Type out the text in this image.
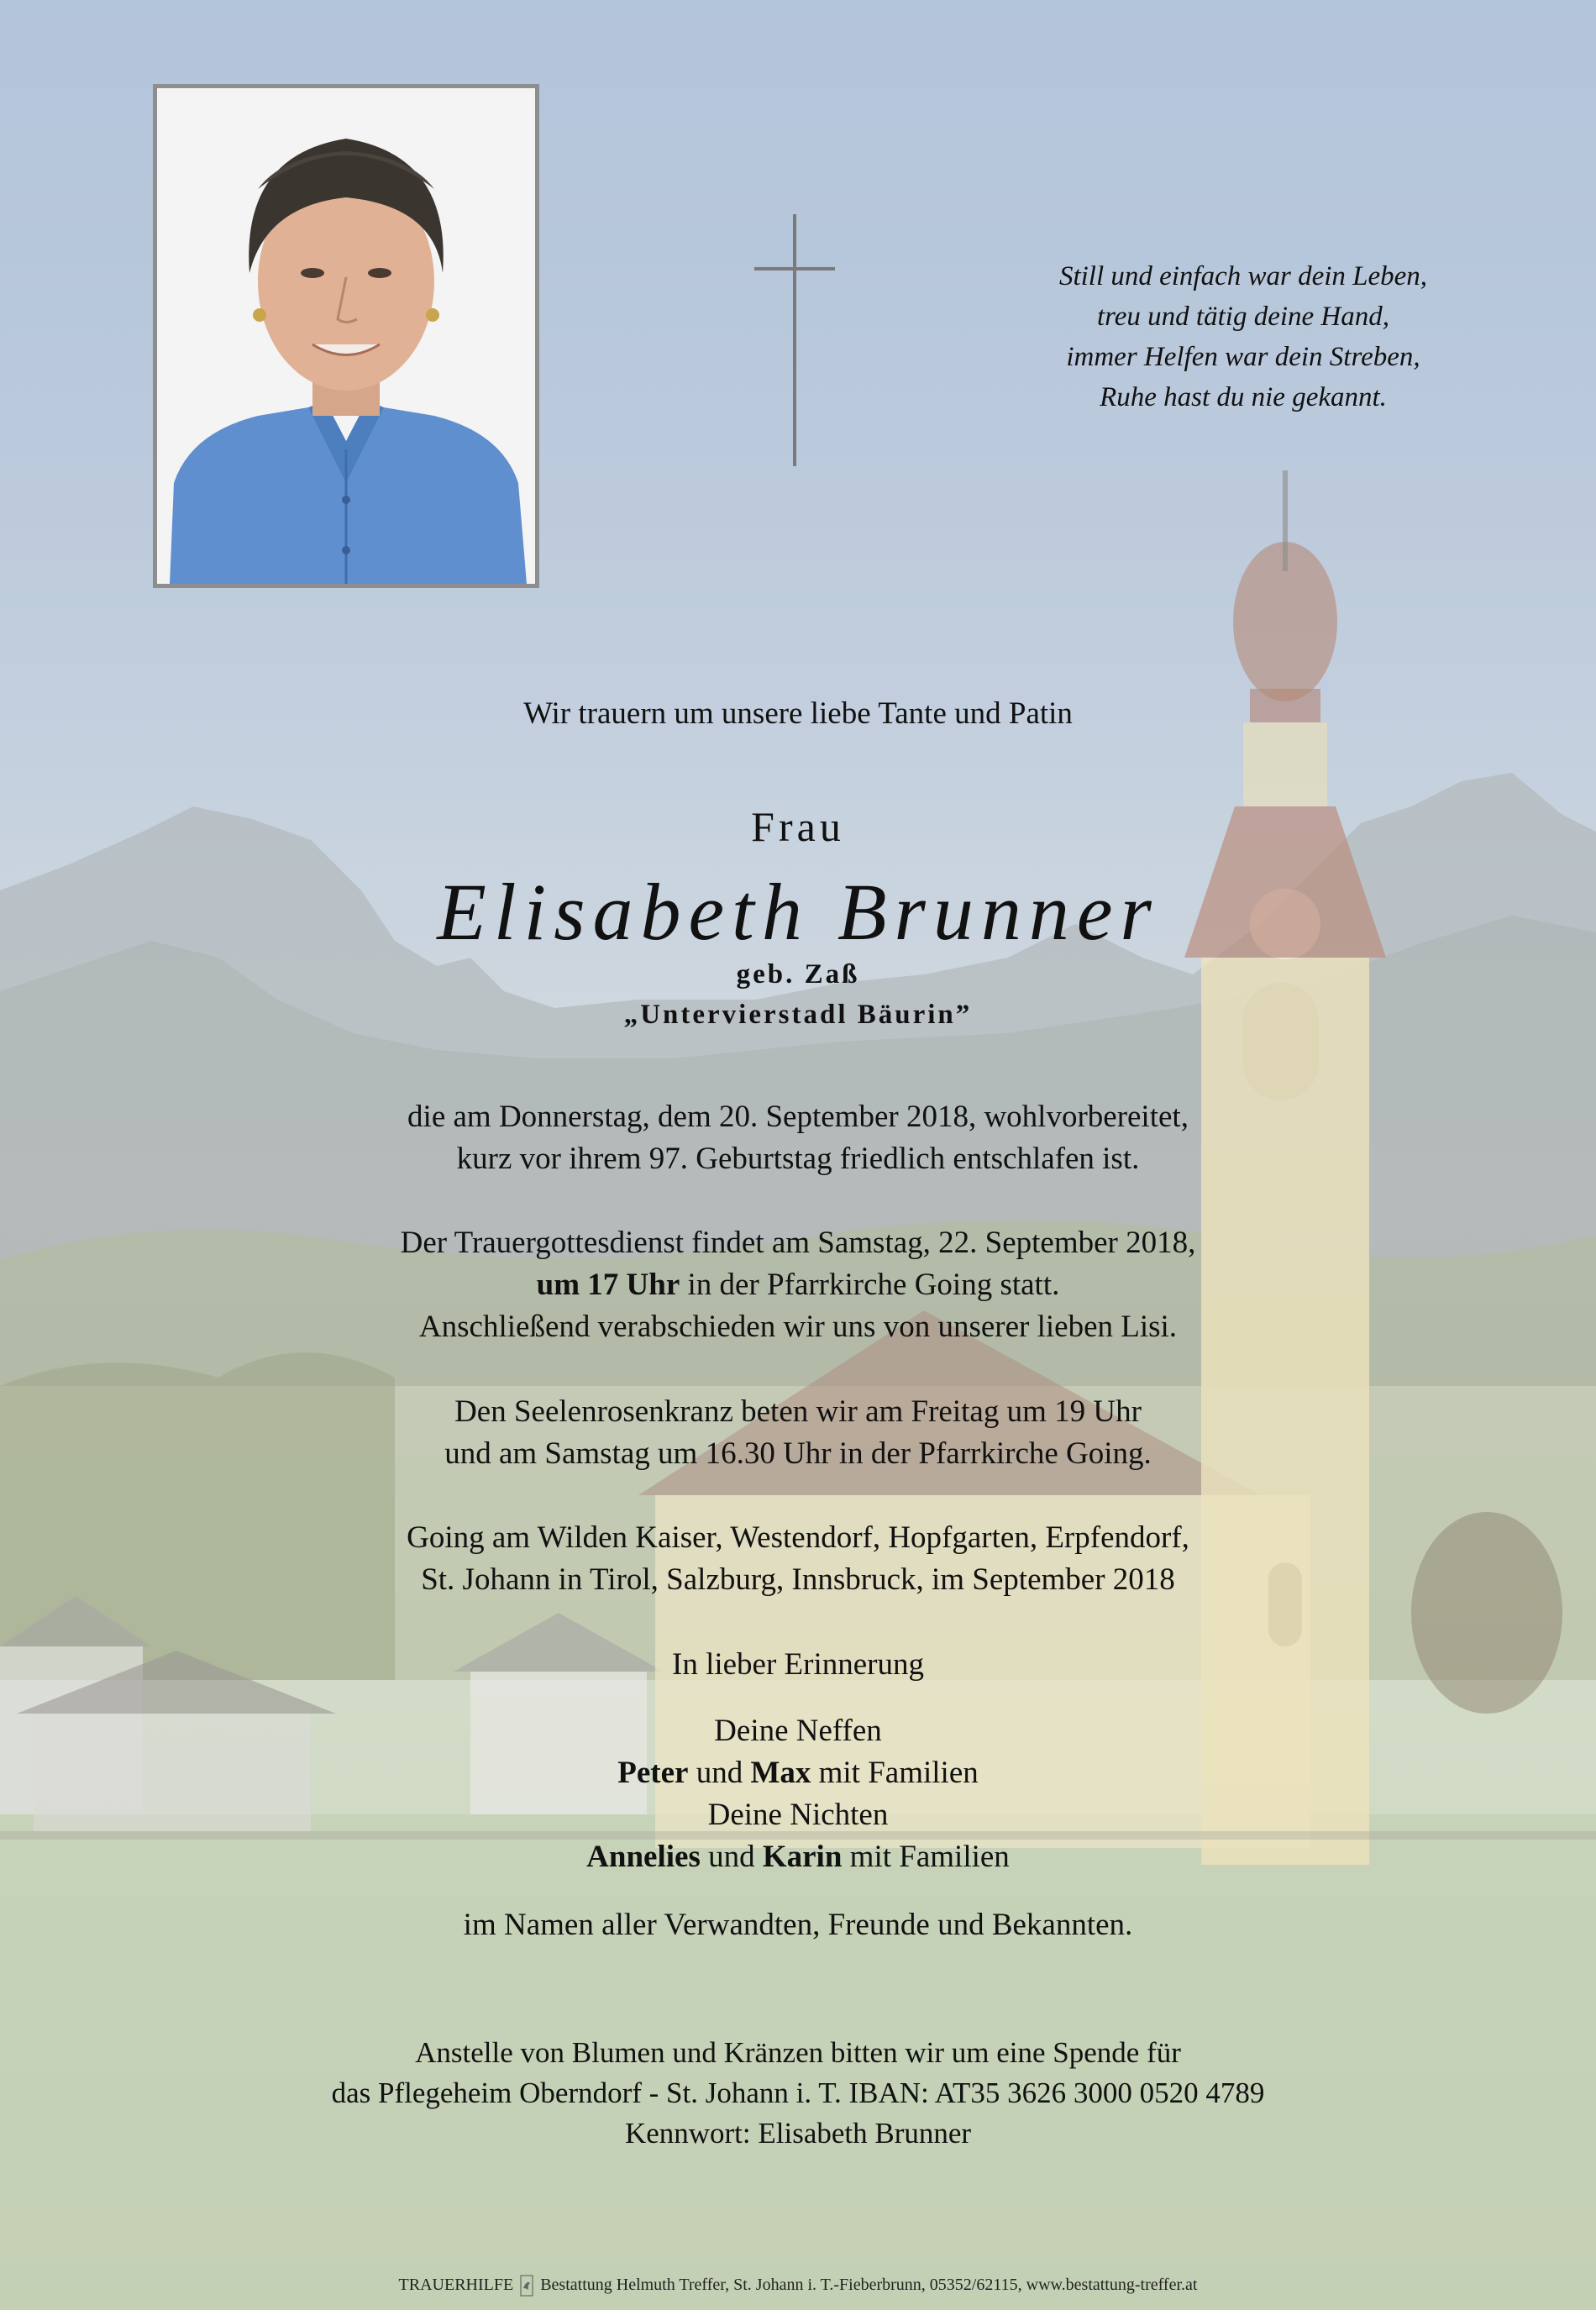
Still und einfach war dein Leben,
treu und tätig deine Hand,
immer Helfen war dein Streben,
Ruhe hast du nie gekannt.
Wir trauern um unsere liebe Tante und Patin
Frau
Elisabeth Brunner
geb. Zaß
„Untervierstadl Bäurin”
die am Donnerstag, dem 20. September 2018, wohlvorbereitet,
kurz vor ihrem 97. Geburtstag friedlich entschlafen ist.
Der Trauergottesdienst findet am Samstag, 22. September 2018,
um 17 Uhr in der Pfarrkirche Going statt.
Anschließend verabschieden wir uns von unserer lieben Lisi.
Den Seelenrosenkranz beten wir am Freitag um 19 Uhr
und am Samstag um 16.30 Uhr in der Pfarrkirche Going.
Going am Wilden Kaiser, Westendorf, Hopfgarten, Erpfendorf,
St. Johann in Tirol, Salzburg, Innsbruck, im September 2018
In lieber Erinnerung
Deine Neffen
Peter und Max mit Familien
Deine Nichten
Annelies und Karin mit Familien
im Namen aller Verwandten, Freunde und Bekannten.
Anstelle von Blumen und Kränzen bitten wir um eine Spende für
das Pflegeheim Oberndorf - St. Johann i. T. IBAN: AT35 3626 3000 0520 4789
Kennwort: Elisabeth Brunner
TRAUERHILFE Bestattung Helmuth Treffer, St. Johann i. T.-Fieberbrunn, 05352/62115, www.bestattung-treffer.at
